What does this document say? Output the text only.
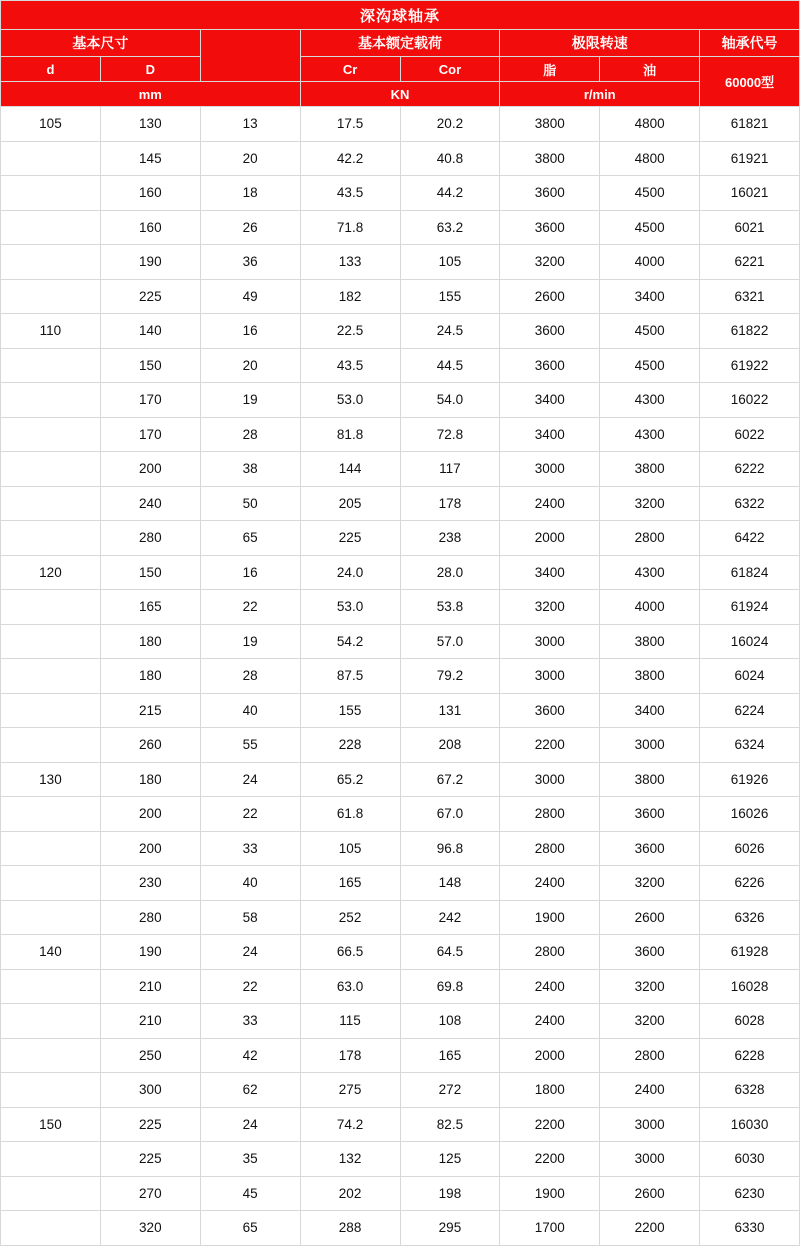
深沟球轴承							
基本尺寸			基本额定载荷		极限转速		轴承代号
d	D		Cr	Cor	脂	油	60000型
mm			KN		r/min		
105	130	13	17.5	20.2	3800	4800	61821
	145	20	42.2	40.8	3800	4800	61921
	160	18	43.5	44.2	3600	4500	16021
	160	26	71.8	63.2	3600	4500	6021
	190	36	133	105	3200	4000	6221
	225	49	182	155	2600	3400	6321
110	140	16	22.5	24.5	3600	4500	61822
	150	20	43.5	44.5	3600	4500	61922
	170	19	53.0	54.0	3400	4300	16022
	170	28	81.8	72.8	3400	4300	6022
	200	38	144	117	3000	3800	6222
	240	50	205	178	2400	3200	6322
	280	65	225	238	2000	2800	6422
120	150	16	24.0	28.0	3400	4300	61824
	165	22	53.0	53.8	3200	4000	61924
	180	19	54.2	57.0	3000	3800	16024
	180	28	87.5	79.2	3000	3800	6024
	215	40	155	131	3600	3400	6224
	260	55	228	208	2200	3000	6324
130	180	24	65.2	67.2	3000	3800	61926
	200	22	61.8	67.0	2800	3600	16026
	200	33	105	96.8	2800	3600	6026
	230	40	165	148	2400	3200	6226
	280	58	252	242	1900	2600	6326
140	190	24	66.5	64.5	2800	3600	61928
	210	22	63.0	69.8	2400	3200	16028
	210	33	115	108	2400	3200	6028
	250	42	178	165	2000	2800	6228
	300	62	275	272	1800	2400	6328
150	225	24	74.2	82.5	2200	3000	16030
	225	35	132	125	2200	3000	6030
	270	45	202	198	1900	2600	6230
	320	65	288	295	1700	2200	6330
